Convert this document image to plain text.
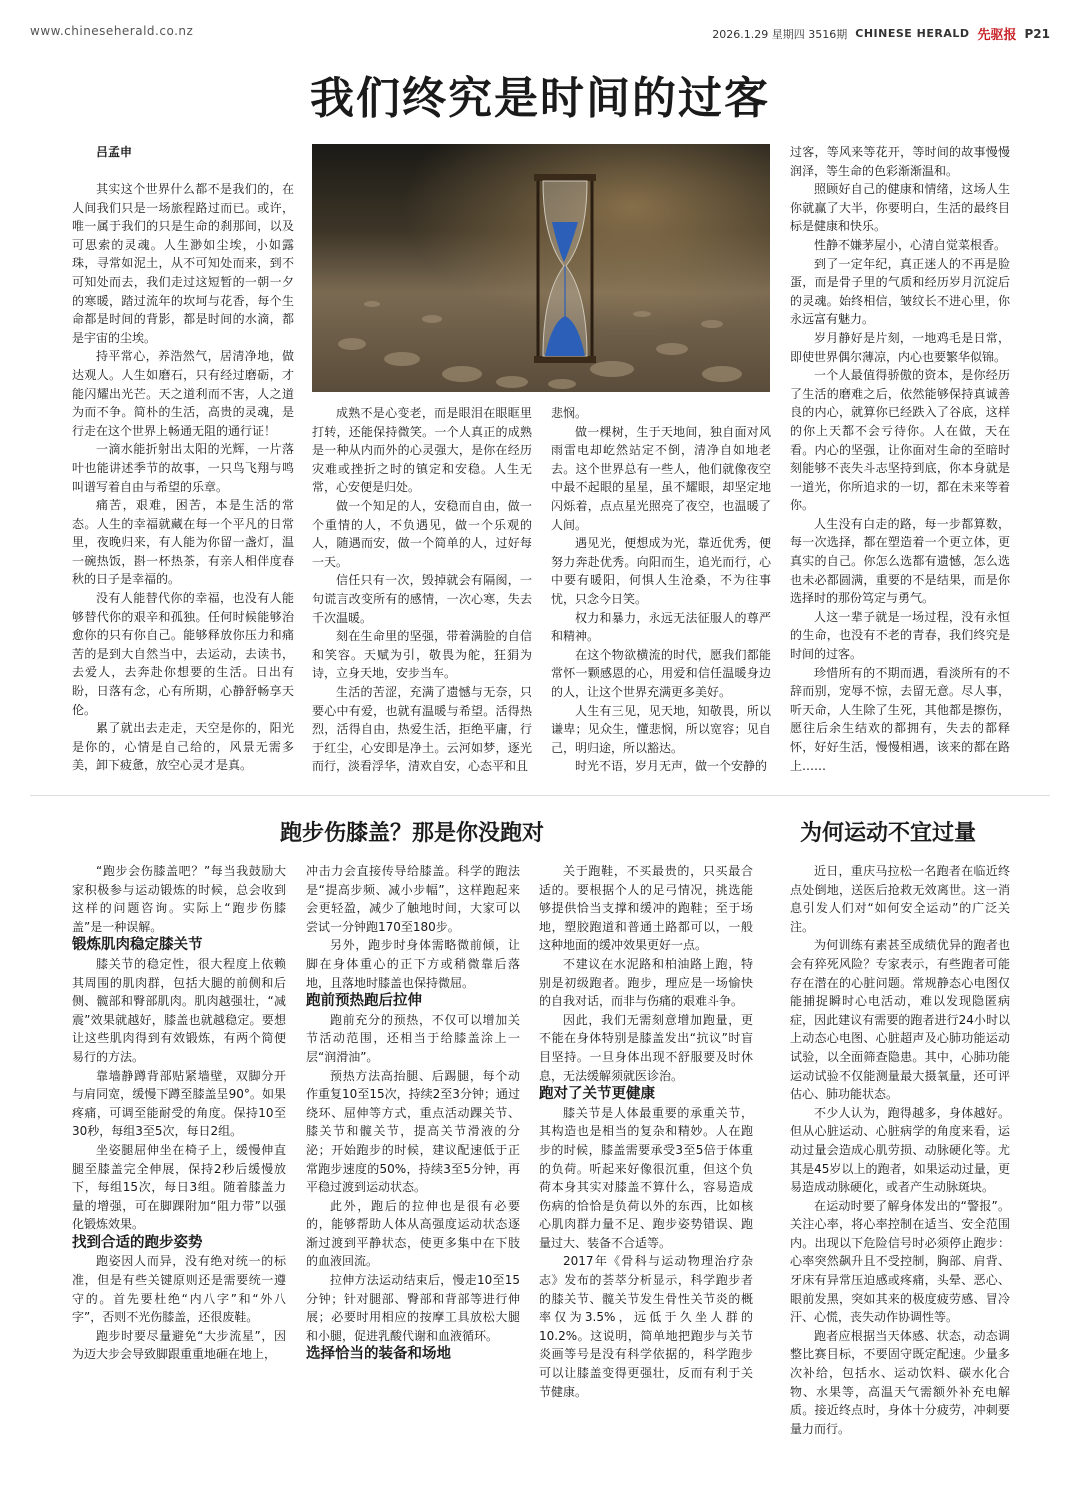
www.chineseherald.co.nz	2026.1.29 星期四 3516期 CHINESE HERALD 先驱报 P21
我们终究是时间的过客
吕孟申

其实这个世界什么都不是我们的，在人间我们只是一场旅程路过而已。或许，唯一属于我们的只是生命的刹那间，以及可思索的灵魂。人生渺如尘埃，小如露珠，寻常如泥土，从不可知处而来，到不可知处而去，我们走过这短暂的一朝一夕的寒暖，踏过流年的坎坷与花香，每个生命都是时间的背影，都是时间的水滴，都是宇宙的尘埃。

持平常心，养浩然气，居清净地，做达观人。人生如磨石，只有经过磨砺，才能闪耀出光芒。天之道利而不害，人之道为而不争。简朴的生活，高贵的灵魂，是行走在这个世界上畅通无阻的通行证！

一滴水能折射出太阳的光辉，一片落叶也能讲述季节的故事，一只鸟飞翔与鸣叫谱写着自由与希望的乐章。

痛苦，艰难，困苦，本是生活的常态。人生的幸福就藏在每一个平凡的日常里，夜晚归来，有人能为你留一盏灯，温一碗热饭，斟一杯热茶，有亲人相伴度春秋的日子是幸福的。

没有人能替代你的幸福，也没有人能够替代你的艰辛和孤独。任何时候能够治愈你的只有你自己。能够释放你压力和痛苦的是到大自然当中，去运动，去读书，去爱人，去奔赴你想要的生活。日出有盼，日落有念，心有所期，心静舒畅享天伦。

累了就出去走走，天空是你的，阳光是你的，心情是自己给的，风景无需多美，卸下疲惫，放空心灵才是真。

成熟不是心变老，而是眼泪在眼眶里打转，还能保持微笑。一个人真正的成熟是一种从内而外的心灵强大，是你在经历灾难或挫折之时的镇定和安稳。人生无常，心安便是归处。

做一个知足的人，安稳而自由，做一个重情的人，不负遇见，做一个乐观的人，随遇而安，做一个简单的人，过好每一天。

信任只有一次，毁掉就会有隔阂，一句谎言改变所有的感情，一次心寒，失去千次温暖。

刻在生命里的坚强，带着满脸的自信和笑容。天赋为引，敬畏为舵，狂狷为诗，立身天地，安步当车。

生活的苦涩，充满了遗憾与无奈，只要心中有爱，也就有温暖与希望。活得热烈，活得自由，热爱生活，拒绝平庸，行于红尘，心安即是净土。云河如梦，逐光而行，淡看浮华，清欢自安，心态平和且

悲悯。

做一棵树，生于天地间，独自面对风雨雷电却屹然站定不倒，清净自如地老去。这个世界总有一些人，他们就像夜空中最不起眼的星星，虽不耀眼，却坚定地闪烁着，点点星光照亮了夜空，也温暖了人间。

遇见光，便想成为光，靠近优秀，便努力奔赴优秀。向阳而生，追光而行，心中要有暖阳，何惧人生沧桑，不为往事忧，只念今日笑。

权力和暴力，永远无法征服人的尊严和精神。

在这个物欲横流的时代，愿我们都能常怀一颗感恩的心，用爱和信任温暖身边的人，让这个世界充满更多美好。

人生有三见，见天地，知敬畏，所以谦卑；见众生，懂悲悯，所以宽容；见自己，明归途，所以豁达。

时光不语，岁月无声，做一个安静的

过客，等风来等花开，等时间的故事慢慢润泽，等生命的色彩渐渐温和。

照顾好自己的健康和情绪，这场人生你就赢了大半，你要明白，生活的最终目标是健康和快乐。

性静不嫌茅屋小，心清自觉菜根香。

到了一定年纪，真正迷人的不再是脸蛋，而是骨子里的气质和经历岁月沉淀后的灵魂。始终相信，皱纹长不进心里，你永远富有魅力。

岁月静好是片刻，一地鸡毛是日常，即使世界偶尔薄凉，内心也要繁华似锦。

一个人最值得骄傲的资本，是你经历了生活的磨难之后，依然能够保持真诚善良的内心，就算你已经跌入了谷底，这样的你上天都不会亏待你。人在做，天在看。内心的坚强，让你面对生命的至暗时刻能够不丧失斗志坚持到底，你本身就是一道光，你所追求的一切，都在未来等着你。

人生没有白走的路，每一步都算数，每一次选择，都在塑造着一个更立体，更真实的自己。你怎么选都有遗憾，怎么选也未必都圆满，重要的不是结果，而是你选择时的那份笃定与勇气。

人这一辈子就是一场过程，没有永恒的生命，也没有不老的青春，我们终究是时间的过客。

珍惜所有的不期而遇，看淡所有的不辞而别，宠辱不惊，去留无意。尽人事，听天命，人生除了生死，其他都是擦伤，愿往后余生结欢的都拥有，失去的都释怀，好好生活，慢慢相遇，该来的都在路上……

跑步伤膝盖？那是你没跑对	为何运动不宜过量

“跑步会伤膝盖吧？”每当我鼓励大家积极参与运动锻炼的时候，总会收到这样的问题咨询。实际上“跑步伤膝盖”是一种误解。

锻炼肌肉稳定膝关节

膝关节的稳定性，很大程度上依赖其周围的肌肉群，包括大腿的前侧和后侧、髋部和臀部肌肉。肌肉越强壮，“减震”效果就越好，膝盖也就越稳定。要想让这些肌肉得到有效锻炼，有两个简便易行的方法。

靠墙静蹲背部贴紧墙壁，双脚分开与肩同宽，缓慢下蹲至膝盖呈90°。如果疼痛，可调至能耐受的角度。保持10至30秒，每组3至5次，每日2组。

坐姿腿屈伸坐在椅子上，缓慢伸直腿至膝盖完全伸展，保持2秒后缓慢放下，每组15次，每日3组。随着膝盖力量的增强，可在脚踝附加“阻力带”以强化锻炼效果。

找到合适的跑步姿势

跑姿因人而异，没有绝对统一的标准，但是有些关键原则还是需要统一遵守的。首先要杜绝“内八字”和“外八字”，否则不光伤膝盖，还很废鞋。

跑步时要尽量避免“大步流星”，因为迈大步会导致脚跟重重地砸在地上，

冲击力会直接传导给膝盖。科学的跑法是“提高步频、减小步幅”，这样跑起来会更轻盈，减少了触地时间，大家可以尝试一分钟跑170至180步。

另外，跑步时身体需略微前倾，让脚在身体重心的正下方或稍微靠后落地，且落地时膝盖也保持微屈。

跑前预热跑后拉伸

跑前充分的预热，不仅可以增加关节活动范围，还相当于给膝盖涂上一层“润滑油”。

预热方法高抬腿、后踢腿，每个动作重复10至15次，持续2至3分钟；通过绕环、屈伸等方式，重点活动踝关节、膝关节和髋关节，提高关节滑液的分泌；开始跑步的时候，建议配速低于正常跑步速度的50%，持续3至5分钟，再平稳过渡到运动状态。

此外，跑后的拉伸也是很有必要的，能够帮助人体从高强度运动状态逐渐过渡到平静状态，使更多集中在下肢的血液回流。

拉伸方法运动结束后，慢走10至15分钟；针对腿部、臀部和背部等进行伸展；必要时用相应的按摩工具放松大腿和小腿，促进乳酸代谢和血液循环。

选择恰当的装备和场地

关于跑鞋，不买最贵的，只买最合适的。要根据个人的足弓情况，挑选能够提供恰当支撑和缓冲的跑鞋；至于场地，塑胶跑道和普通土路都可以，一般这种地面的缓冲效果更好一点。

不建议在水泥路和柏油路上跑，特别是初级跑者。跑步，理应是一场愉快的自我对话，而非与伤痛的艰难斗争。

因此，我们无需刻意增加跑量，更不能在身体特别是膝盖发出“抗议”时盲目坚持。一旦身体出现不舒服要及时休息，无法缓解须就医诊治。

跑对了关节更健康

膝关节是人体最重要的承重关节，其构造也是相当的复杂和精妙。人在跑步的时候，膝盖需要承受3至5倍于体重的负荷。听起来好像很沉重，但这个负荷本身其实对膝盖不算什么，容易造成伤病的恰恰是负荷以外的东西，比如核心肌肉群力量不足、跑步姿势错误、跑量过大、装备不合适等。

2017年《骨科与运动物理治疗杂志》发布的荟萃分析显示，科学跑步者的膝关节、髋关节发生骨性关节炎的概率仅为3.5%，远低于久坐人群的10.2%。这说明，简单地把跑步与关节炎画等号是没有科学依据的，科学跑步可以让膝盖变得更强壮，反而有利于关节健康。

近日，重庆马拉松一名跑者在临近终点处倒地，送医后抢救无效离世。这一消息引发人们对“如何安全运动”的广泛关注。

为何训练有素甚至成绩优异的跑者也会有猝死风险？专家表示，有些跑者可能存在潜在的心脏问题。常规静态心电图仅能捕捉瞬时心电活动，难以发现隐匿病症，因此建议有需要的跑者进行24小时以上动态心电图、心脏超声及心肺功能运动试验，以全面筛查隐患。其中，心肺功能运动试验不仅能测量最大摄氧量，还可评估心、肺功能状态。

不少人认为，跑得越多，身体越好。但从心脏运动、心脏病学的角度来看，运动过量会造成心肌劳损、动脉硬化等。尤其是45岁以上的跑者，如果运动过量，更易造成动脉硬化，或者产生动脉斑块。

在运动时要了解身体发出的“警报”。关注心率，将心率控制在适当、安全范围内。出现以下危险信号时必须停止跑步：心率突然飙升且不受控制，胸部、肩背、牙床有异常压迫感或疼痛，头晕、恶心、眼前发黑，突如其来的极度疲劳感、冒冷汗、心慌，丧失动作协调性等。

跑者应根据当天体感、状态，动态调整比赛目标，不要固守既定配速。少量多次补给，包括水、运动饮料、碳水化合物、水果等，高温天气需额外补充电解质。接近终点时，身体十分疲劳，冲刺要量力而行。
